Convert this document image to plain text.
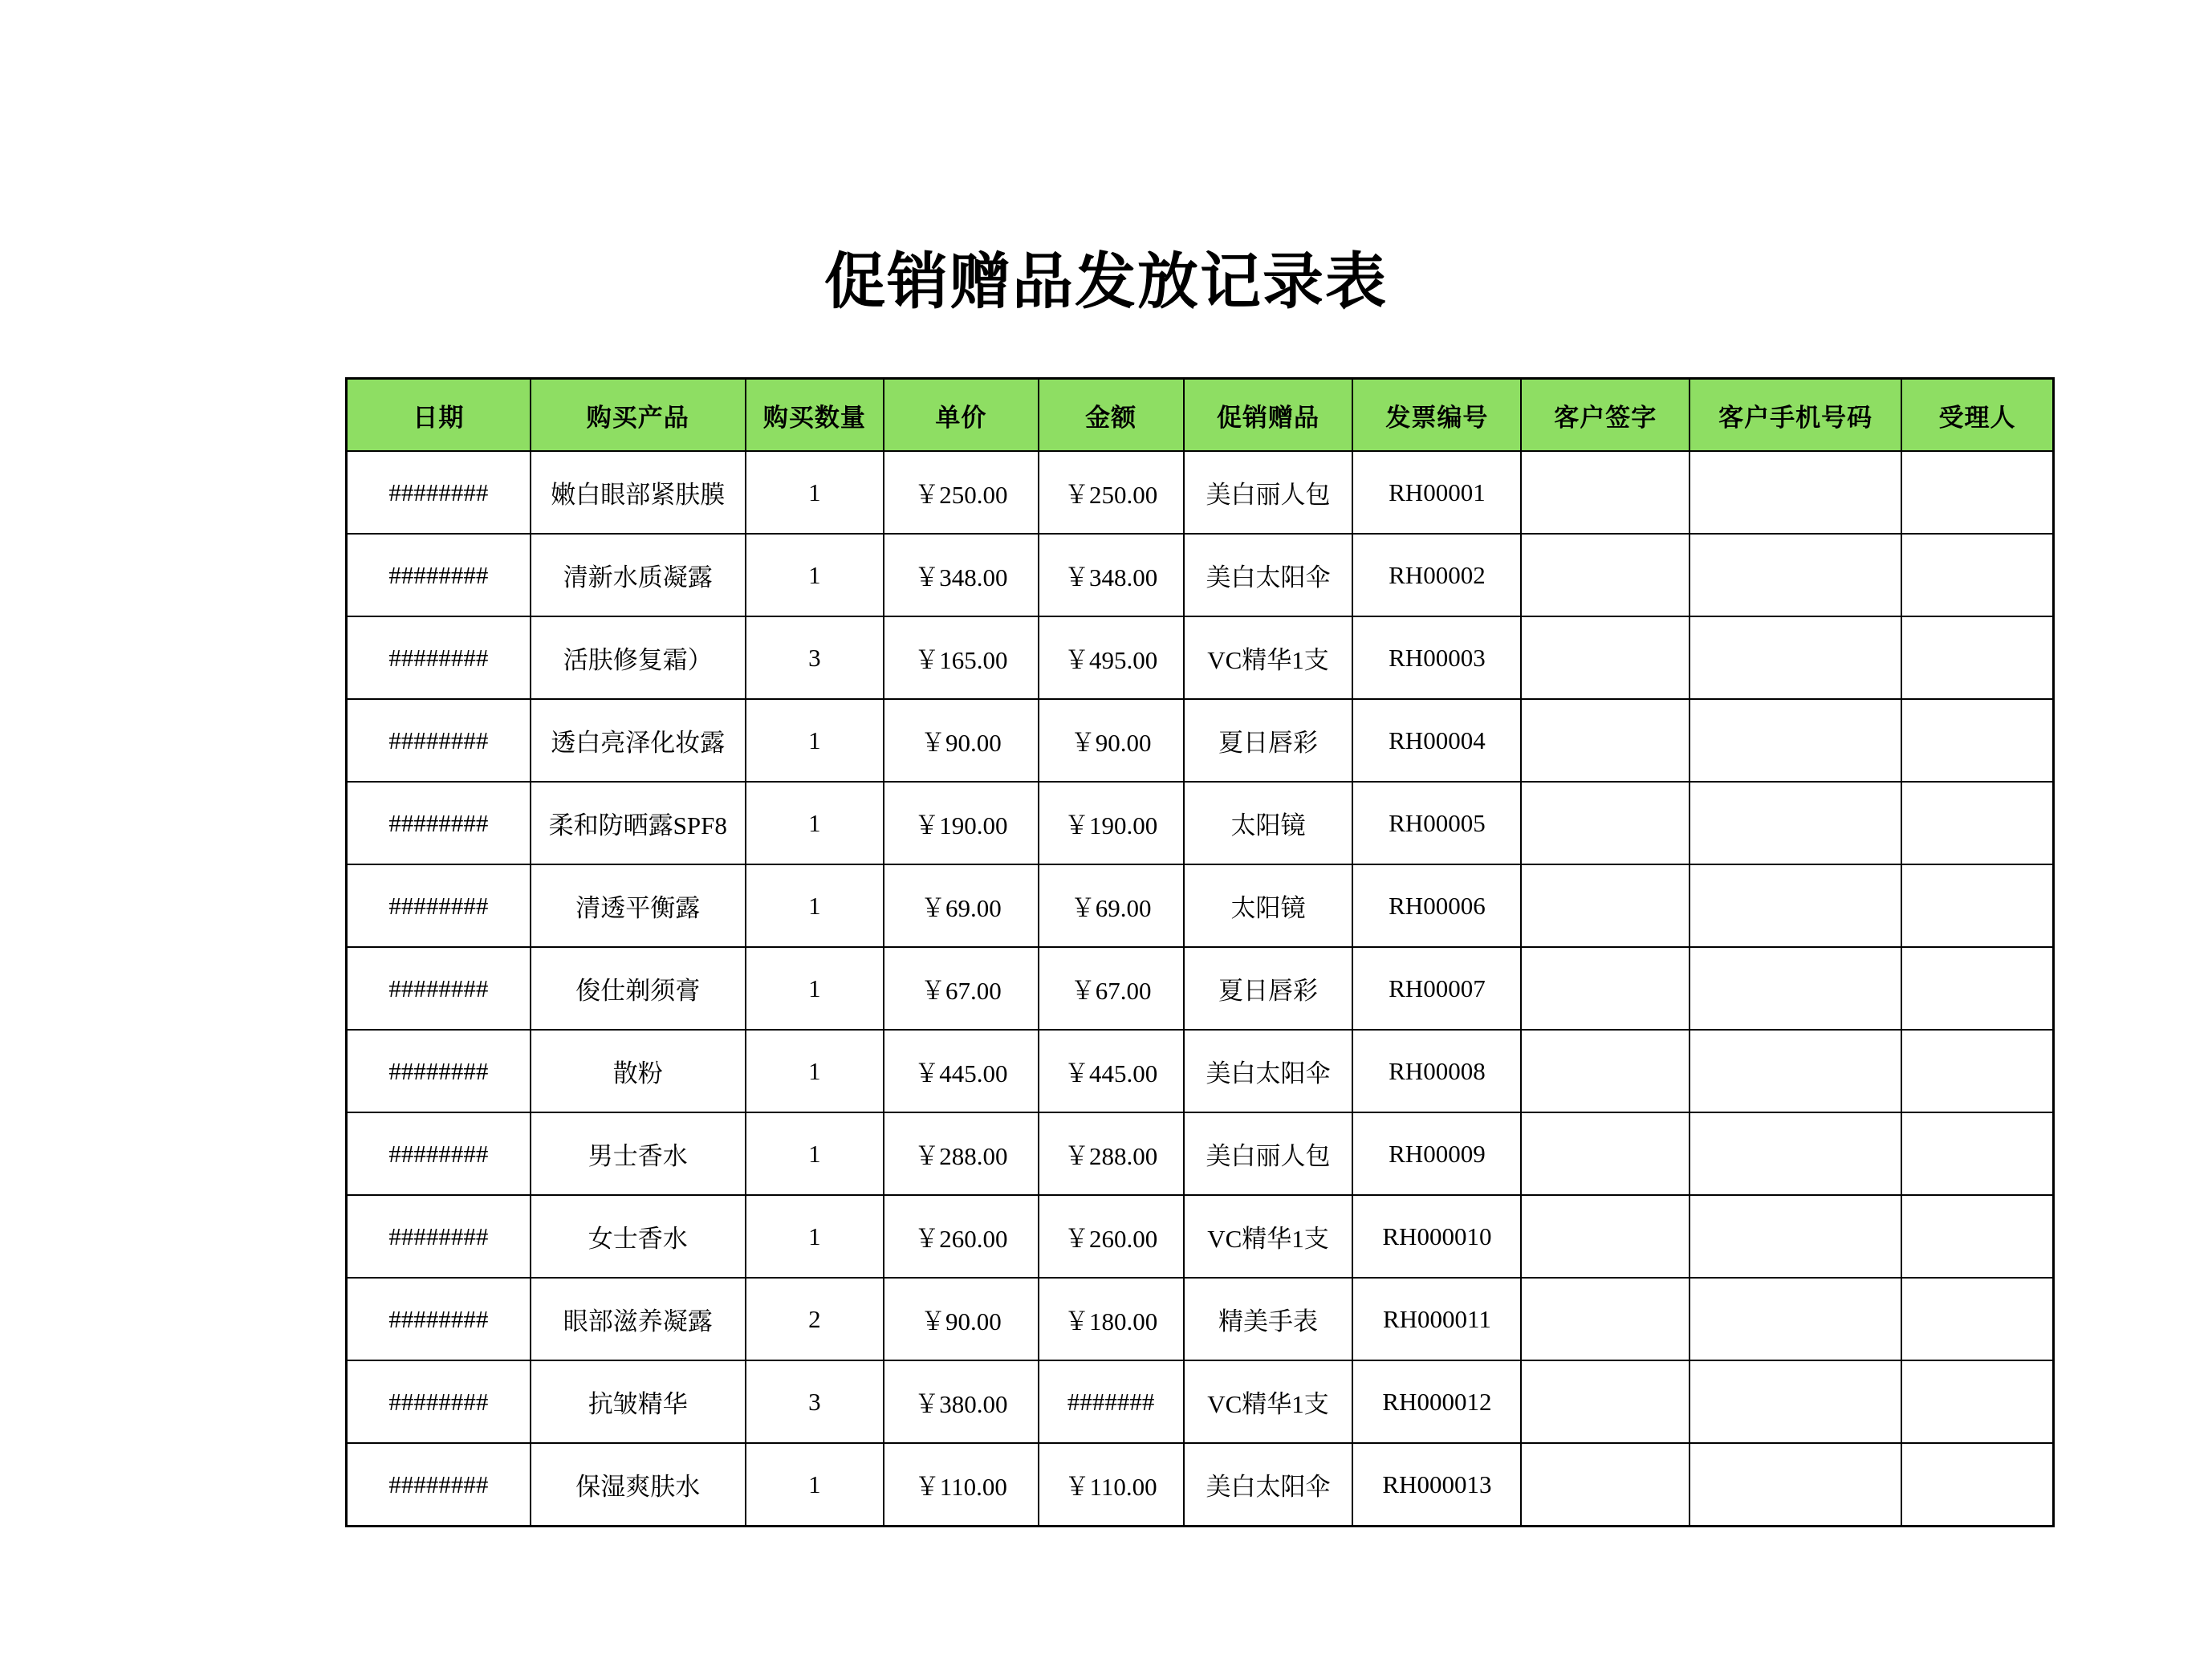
促销赠品发放记录表
日期	购买产品	购买数量	单价	金额	促销赠品	发票编号	客户签字	客户手机号码	受理人
########	嫩白眼部紧肤膜	1	￥250.00	￥250.00	美白丽人包	RH00001			
########	清新水质凝露	1	￥348.00	￥348.00	美白太阳伞	RH00002			
########	活肤修复霜）	3	￥165.00	￥495.00	VC精华1支	RH00003			
########	透白亮泽化妆露	1	￥90.00	￥90.00	夏日唇彩	RH00004			
########	柔和防晒露SPF8	1	￥190.00	￥190.00	太阳镜	RH00005			
########	清透平衡露	1	￥69.00	￥69.00	太阳镜	RH00006			
########	俊仕剃须膏	1	￥67.00	￥67.00	夏日唇彩	RH00007			
########	散粉	1	￥445.00	￥445.00	美白太阳伞	RH00008			
########	男士香水	1	￥288.00	￥288.00	美白丽人包	RH00009			
########	女士香水	1	￥260.00	￥260.00	VC精华1支	RH000010			
########	眼部滋养凝露	2	￥90.00	￥180.00	精美手表	RH000011			
########	抗皱精华	3	￥380.00	#######	VC精华1支	RH000012			
########	保湿爽肤水	1	￥110.00	￥110.00	美白太阳伞	RH000013			
